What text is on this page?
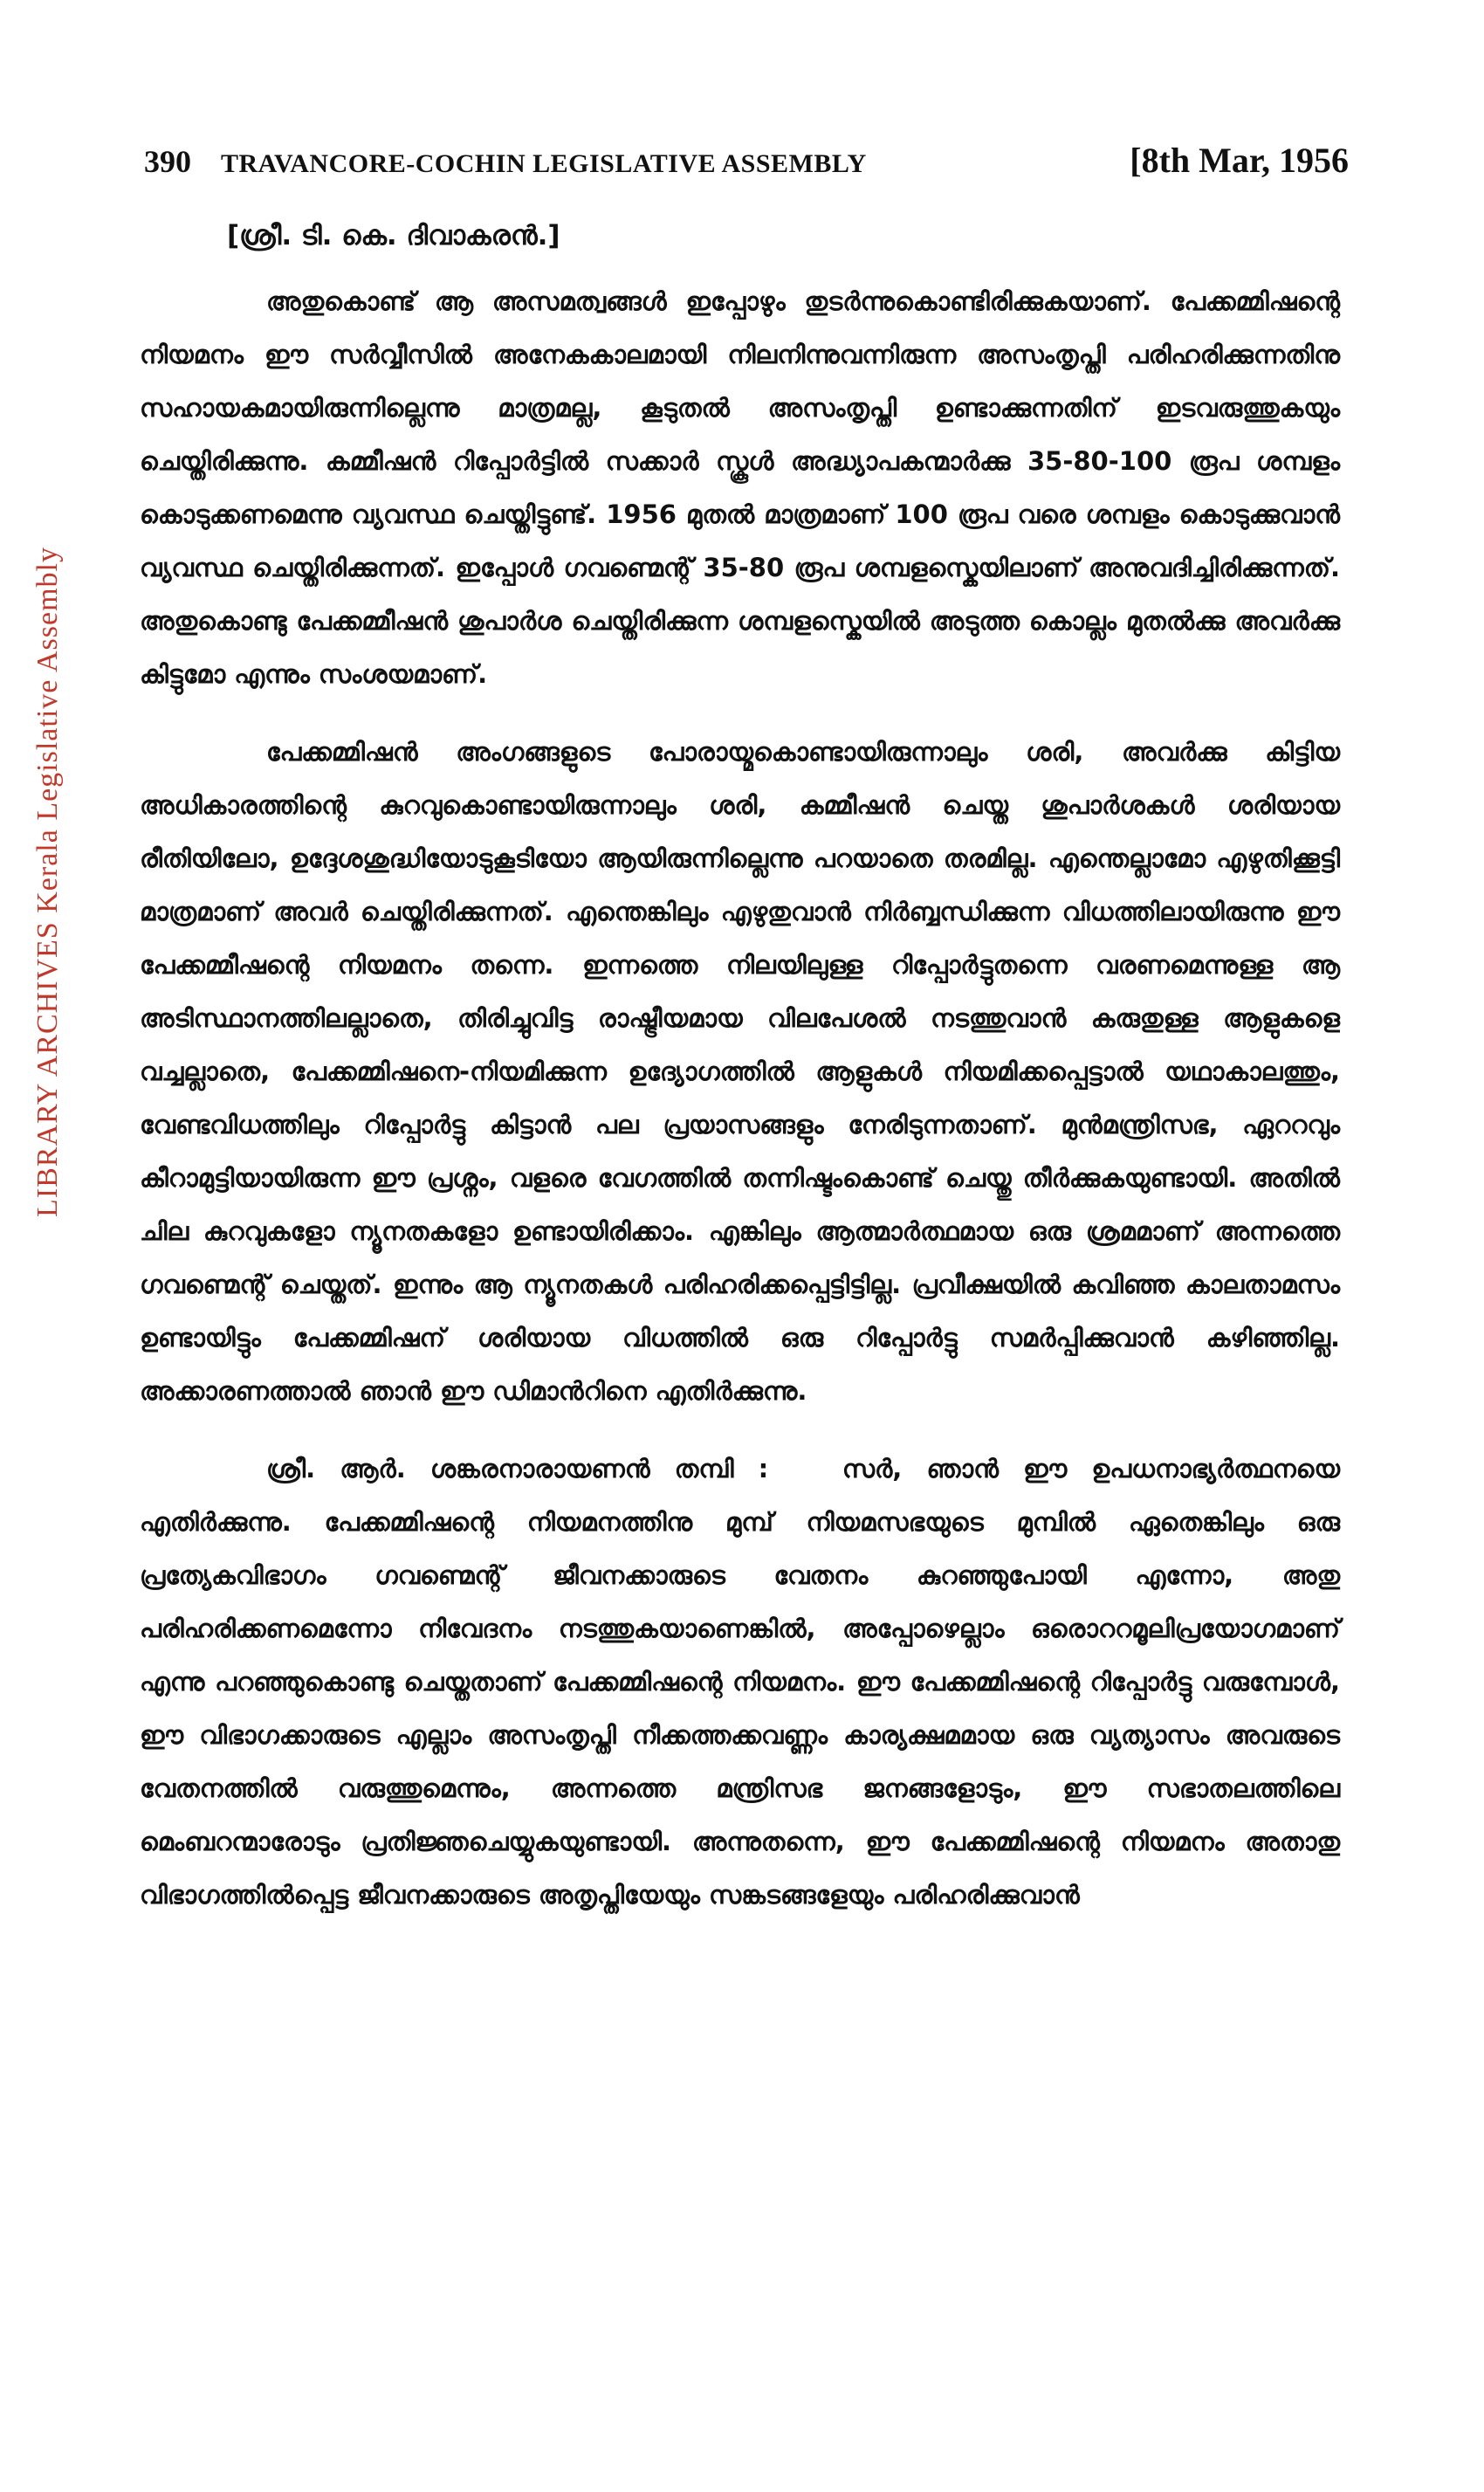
LIBRARY ARCHIVES Kerala Legislative Assembly
390 TRAVANCORE-COCHIN LEGISLATIVE ASSEMBLY	[8th Mar, 1956
[ശ്രീ. ടി. കെ. ദിവാകരൻ.]

അതുകൊണ്ട് ആ അസമത്വങ്ങൾ ഇപ്പോഴും തുടർന്നുകൊണ്ടിരിക്കുകയാണ്. പേക്കമ്മിഷന്റെ നിയമനം ഈ സർവ്വീസിൽ അനേകകാലമായി നിലനിന്നുവന്നിരുന്ന അസംതൃപ്തി പരിഹരിക്കുന്നതിനു സഹായകമായിരുന്നില്ലെന്നു മാത്രമല്ല, കൂടുതൽ അസംതൃപ്തി ഉണ്ടാക്കുന്നതിന് ഇടവരുത്തുകയും ചെയ്തിരിക്കുന്നു. കമ്മീഷൻ റിപ്പോർട്ടിൽ സക്കാർ സ്കൂൾ അദ്ധ്യാപകന്മാർക്കു 35-80-100 രൂപ ശമ്പളം കൊടുക്കണമെന്നു വ്യവസ്ഥ ചെയ്തിട്ടുണ്ട്. 1956 മുതൽ മാത്രമാണ് 100 രൂപ വരെ ശമ്പളം കൊടുക്കുവാൻ വ്യവസ്ഥ ചെയ്തിരിക്കുന്നത്. ഇപ്പോൾ ഗവണ്മെന്റ് 35-80 രൂപ ശമ്പളസ്കെയിലാണ് അനുവദിച്ചിരിക്കുന്നത്. അതുകൊണ്ടു പേക്കമ്മീഷൻ ശുപാർശ ചെയ്തിരിക്കുന്ന ശമ്പളസ്കെയിൽ അടുത്ത കൊല്ലം മുതൽക്കു അവർക്കു കിട്ടുമോ എന്നും സംശയമാണ്.

പേക്കമ്മിഷൻ അംഗങ്ങളുടെ പോരായ്മകൊണ്ടായിരുന്നാലും ശരി, അവർക്കു കിട്ടിയ അധികാരത്തിന്റെ കുറവുകൊണ്ടായിരുന്നാലും ശരി, കമ്മീഷൻ ചെയ്ത ശുപാർശകൾ ശരിയായ രീതിയിലോ, ഉദ്ദേശശുദ്ധിയോടുകൂടിയോ ആയിരുന്നില്ലെന്നു പറയാതെ തരമില്ല. എന്തെല്ലാമോ എഴുതിക്കൂട്ടി മാത്രമാണ് അവർ ചെയ്തിരിക്കുന്നത്. എന്തെങ്കിലും എഴുതുവാൻ നിർബ്ബന്ധിക്കുന്ന വിധത്തിലായിരുന്നു ഈ പേക്കമ്മീഷന്റെ നിയമനം തന്നെ. ഇന്നത്തെ നിലയിലുള്ള റിപ്പോർട്ടുതന്നെ വരണമെന്നുള്ള ആ അടിസ്ഥാനത്തിലല്ലാതെ, തിരിച്ചുവിട്ട രാഷ്ട്രീയമായ വിലപേശൽ നടത്തുവാൻ കരുതുള്ള ആളുകളെ വച്ചല്ലാതെ, പേക്കമ്മിഷനെ-നിയമിക്കുന്ന ഉദ്യോഗത്തിൽ ആളുകൾ നിയമിക്കപ്പെട്ടാൽ യഥാകാലത്തും, വേണ്ടവിധത്തിലും റിപ്പോർട്ടു കിട്ടാൻ പല പ്രയാസങ്ങളും നേരിടുന്നതാണ്. മുൻമന്ത്രിസഭ, ഏററവും കീറാമുട്ടിയായിരുന്ന ഈ പ്രശ്നം, വളരെ വേഗത്തിൽ തന്നിഷ്ടംകൊണ്ട് ചെയ്തു തീർക്കുകയുണ്ടായി. അതിൽ ചില കുറവുകളോ ന്യൂനതകളോ ഉണ്ടായിരിക്കാം. എങ്കിലും ആത്മാർത്ഥമായ ഒരു ശ്രമമാണ് അന്നത്തെ ഗവണ്മെന്റ് ചെയ്തത്. ഇന്നും ആ ന്യൂനതകൾ പരിഹരിക്കപ്പെട്ടിട്ടില്ല. പ്രവീക്ഷയിൽ കവിഞ്ഞ കാലതാമസം ഉണ്ടായിട്ടും പേക്കമ്മിഷന് ശരിയായ വിധത്തിൽ ഒരു റിപ്പോർട്ടു സമർപ്പിക്കുവാൻ കഴിഞ്ഞില്ല. അക്കാരണത്താൽ ഞാൻ ഈ ഡിമാൻറിനെ എതിർക്കുന്നു.

ശ്രീ. ആർ. ശങ്കരനാരായണൻ തമ്പി :	സർ, ഞാൻ ഈ ഉപധനാഭ്യർത്ഥനയെ എതിർക്കുന്നു. പേക്കമ്മിഷന്റെ നിയമനത്തിനു മുമ്പ് നിയമസഭയുടെ മുമ്പിൽ ഏതെങ്കിലും ഒരു പ്രത്യേകവിഭാഗം ഗവണ്മെന്റ് ജീവനക്കാരുടെ വേതനം കുറഞ്ഞുപോയി എന്നോ, അതു പരിഹരിക്കണമെന്നോ നിവേദനം നടത്തുകയാണെങ്കിൽ, അപ്പോഴെല്ലാം ഒരൊററമൂലിപ്രയോഗമാണ് എന്നു പറഞ്ഞുകൊണ്ടു ചെയ്തതാണ് പേക്കമ്മിഷന്റെ നിയമനം. ഈ പേക്കമ്മിഷന്റെ റിപ്പോർട്ടു വരുമ്പോൾ, ഈ വിഭാഗക്കാരുടെ എല്ലാം അസംതൃപ്തി നീക്കത്തക്കവണ്ണം കാര്യക്ഷമമായ ഒരു വ്യത്യാസം അവരുടെ വേതനത്തിൽ വരുത്തുമെന്നും, അന്നത്തെ മന്ത്രിസഭ ജനങ്ങളോടും, ഈ സഭാതലത്തിലെ മെംബറന്മാരോടും പ്രതിജ്ഞചെയ്യുകയുണ്ടായി. അന്നുതന്നെ, ഈ പേക്കമ്മിഷന്റെ നിയമനം അതാതു വിഭാഗത്തിൽപ്പെട്ട ജീവനക്കാരുടെ അതൃപ്തിയേയും സങ്കടങ്ങളേയും പരിഹരിക്കുവാൻ
